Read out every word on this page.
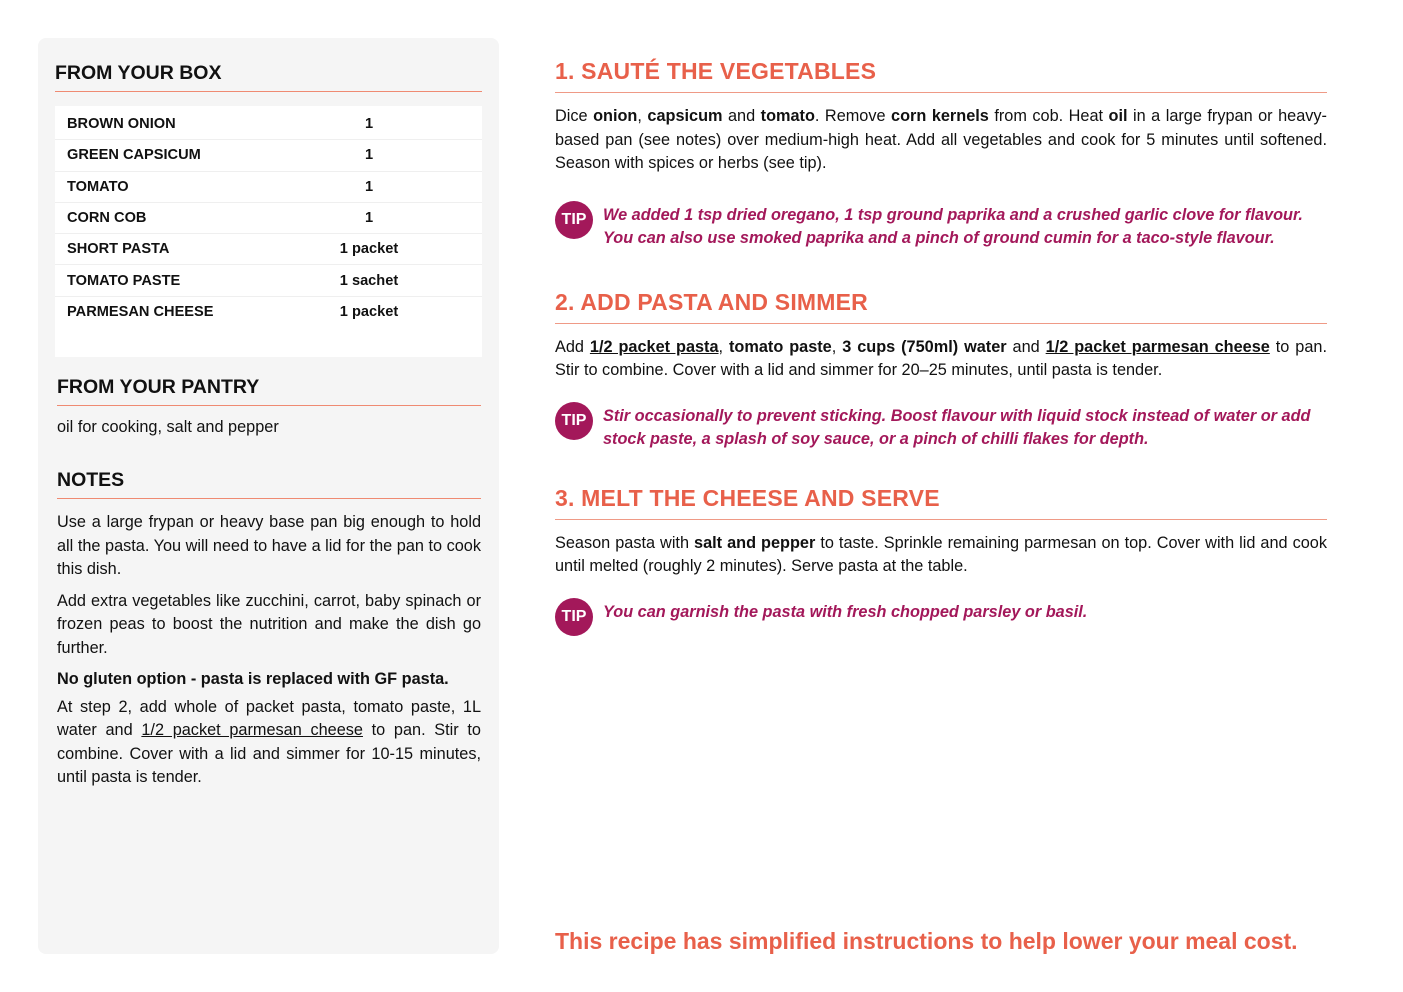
FROM YOUR BOX
BROWN ONION	1
GREEN CAPSICUM	1
TOMATO	1
CORN COB	1
SHORT PASTA	1 packet
TOMATO PASTE	1 sachet
PARMESAN CHEESE	1 packet
FROM YOUR PANTRY

oil for cooking, salt and pepper

NOTES

Use a large frypan or heavy base pan big enough to hold all the pasta. You will need to have a lid for the pan to cook this dish.

Add extra vegetables like zucchini, carrot, baby spinach or frozen peas to boost the nutrition and make the dish go further.

No gluten option - pasta is replaced with GF pasta.

At step 2, add whole of packet pasta, tomato paste, 1L water and 1/2 packet parmesan cheese to pan. Stir to combine. Cover with a lid and simmer for 10-15 minutes, until pasta is tender.

1. SAUTÉ THE VEGETABLES

Dice onion, capsicum and tomato. Remove corn kernels from cob. Heat oil in a large frypan or heavy-based pan (see notes) over medium-high heat. Add all vegetables and cook for 5 minutes until softened. Season with spices or herbs (see tip).

TIP	We added 1 tsp dried oregano, 1 tsp ground paprika and a crushed garlic clove for flavour. You can also use smoked paprika and a pinch of ground cumin for a taco-style flavour.
2. ADD PASTA AND SIMMER

Add 1/2 packet pasta, tomato paste, 3 cups (750ml) water and 1/2 packet parmesan cheese to pan. Stir to combine. Cover with a lid and simmer for 20–25 minutes, until pasta is tender.

TIP	Stir occasionally to prevent sticking. Boost flavour with liquid stock instead of water or add stock paste, a splash of soy sauce, or a pinch of chilli flakes for depth.
3. MELT THE CHEESE AND SERVE

Season pasta with salt and pepper to taste. Sprinkle remaining parmesan on top. Cover with lid and cook until melted (roughly 2 minutes). Serve pasta at the table.

TIP	You can garnish the pasta with fresh chopped parsley or basil.
This recipe has simplified instructions to help lower your meal cost.
